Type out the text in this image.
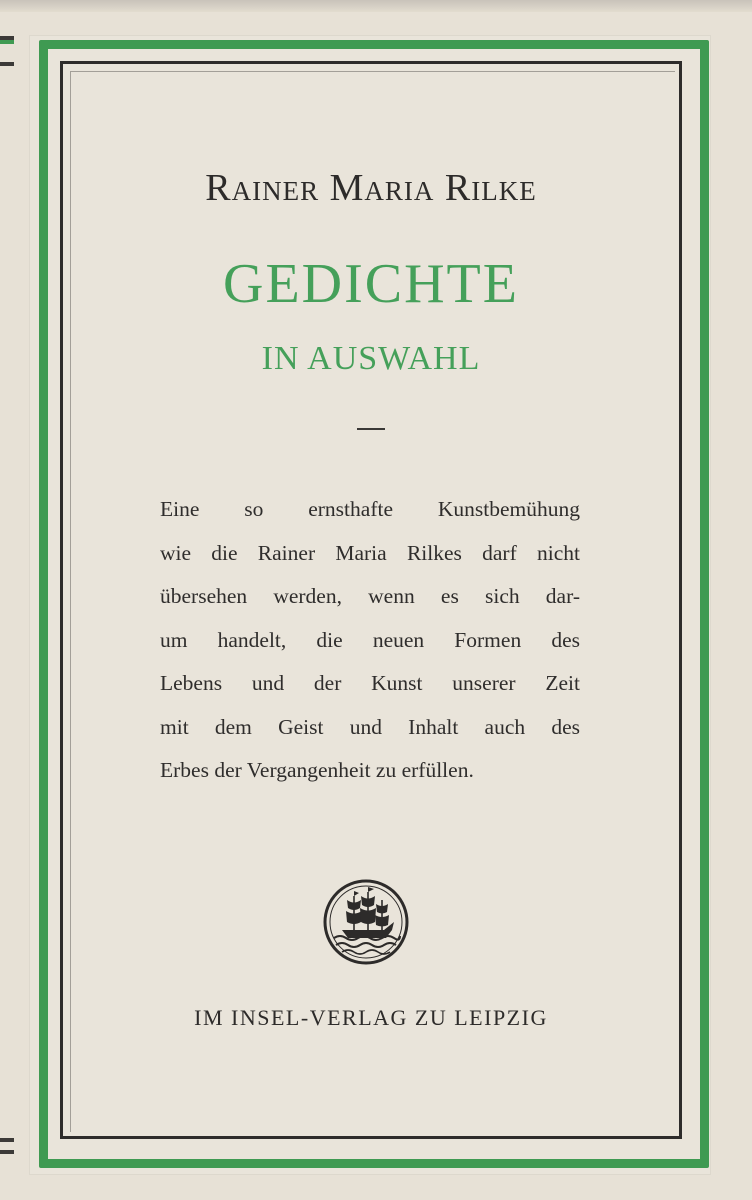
Rainer Maria Rilke
GEDICHTE
IN AUSWAHL

Eine so ernsthafte Kunstbemühung
wie die Rainer Maria Rilkes darf nicht
übersehen werden, wenn es sich dar-
um handelt, die neuen Formen des
Lebens und der Kunst unserer Zeit
mit dem Geist und Inhalt auch des
Erbes der Vergangenheit zu erfüllen.

IM INSEL-VERLAG ZU LEIPZIG
